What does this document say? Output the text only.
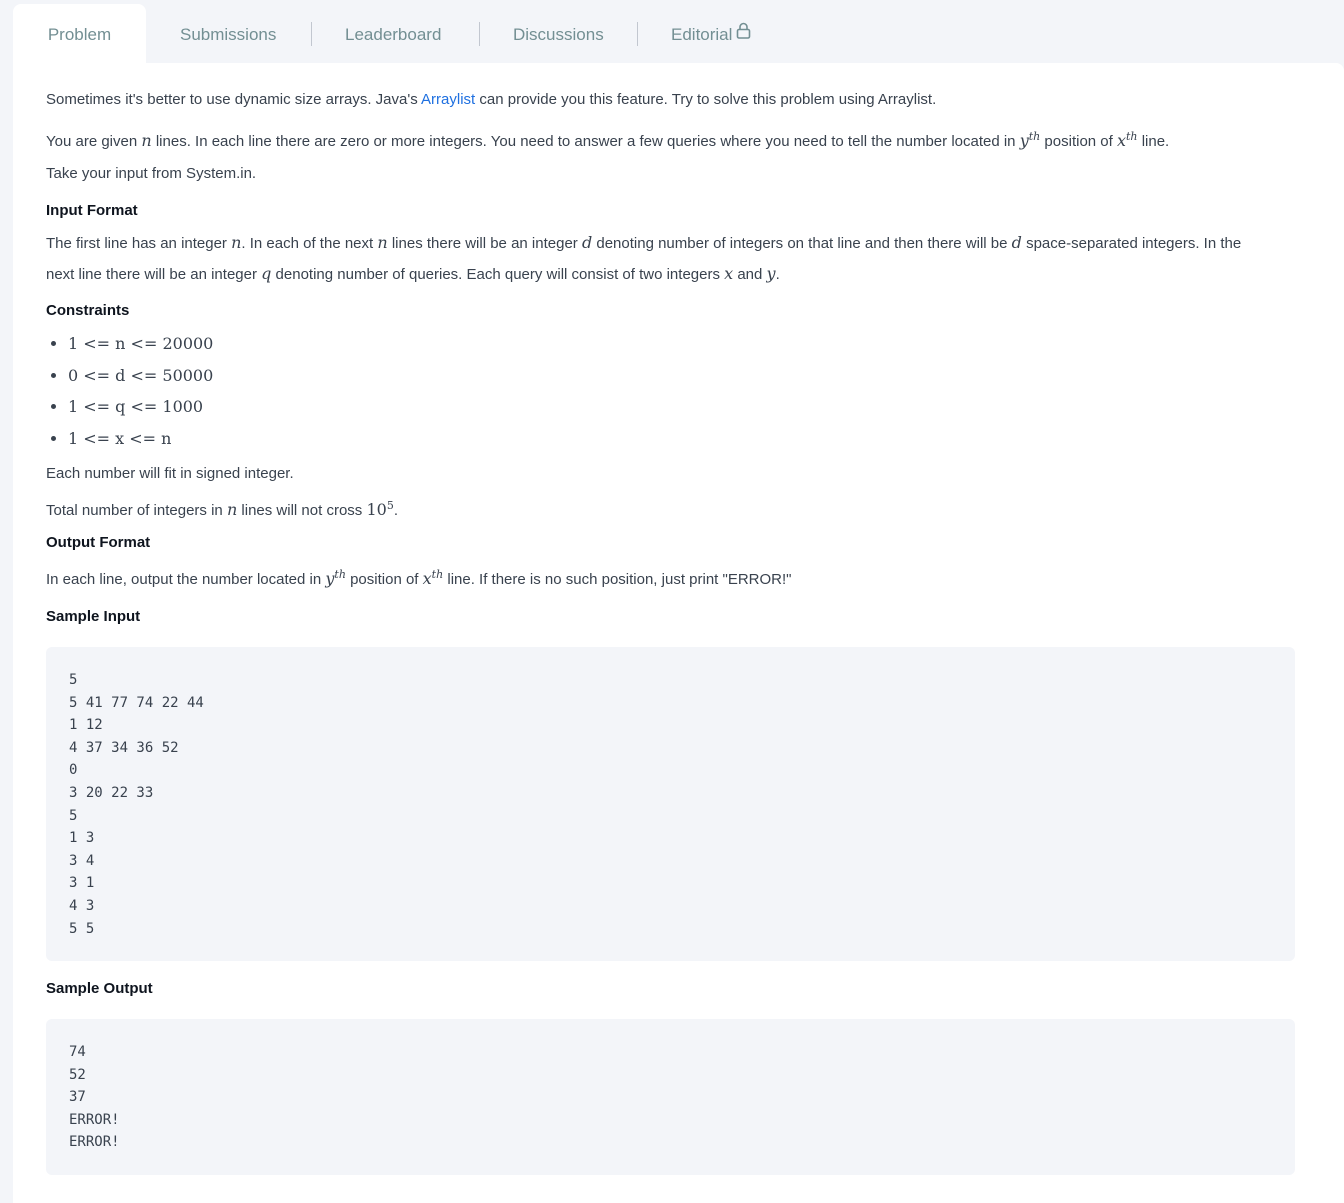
Problem	Submissions	Leaderboard	Discussions	Editorial
Sometimes it's better to use dynamic size arrays. Java's Arraylist can provide you this feature. Try to solve this problem using Arraylist.
You are given n lines. In each line there are zero or more integers. You need to answer a few queries where you need to tell the number located in $y^{th}$ position of $x^{th}$ line.
Take your input from System.in.
Input Format
The first line has an integer n. In each of the next n lines there will be an integer d denoting number of integers on that line and then there will be d space-separated integers. In the
next line there will be an integer q denoting number of queries. Each query will consist of two integers x and y.
Constraints
• 1 <= n <= 20000
• 0 <= d <= 50000
• 1 <= q <= 1000
• 1 <= x <= n
Each number will fit in signed integer.
Total number of integers in n lines will not cross $10^5$.
Output Format
In each line, output the number located in $y^{th}$ position of $x^{th}$ line. If there is no such position, just print "ERROR!"
Sample Input
5
5 41 77 74 22 44
1 12
4 37 34 36 52
0
3 20 22 33
5
1 3
3 4
3 1
4 3
5 5
Sample Output
74
52
37
ERROR!
ERROR!
